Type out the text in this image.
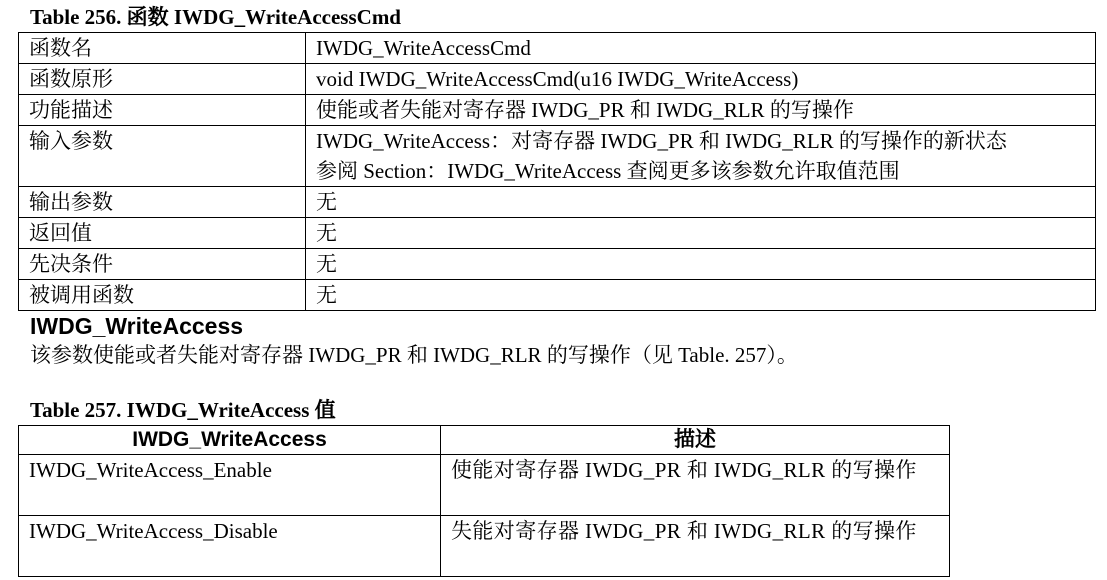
Table 256. 函数 IWDG_WriteAccessCmd
函数名	IWDG_WriteAccessCmd
函数原形	void IWDG_WriteAccessCmd(u16 IWDG_WriteAccess)
功能描述	使能或者失能对寄存器 IWDG_PR 和 IWDG_RLR 的写操作
输入参数	IWDG_WriteAccess：对寄存器 IWDG_PR 和 IWDG_RLR 的写操作的新状态
参阅 Section：IWDG_WriteAccess 查阅更多该参数允许取值范围

输出参数	无
返回值	无
先决条件	无
被调用函数	无
IWDG_WriteAccess
该参数使能或者失能对寄存器 IWDG_PR 和 IWDG_RLR 的写操作（见 Table. 257）。
Table 257. IWDG_WriteAccess 值
IWDG_WriteAccess	描述
IWDG_WriteAccess_Enable	使能对寄存器 IWDG_PR 和 IWDG_RLR 的写操作
IWDG_WriteAccess_Disable	失能对寄存器 IWDG_PR 和 IWDG_RLR 的写操作
